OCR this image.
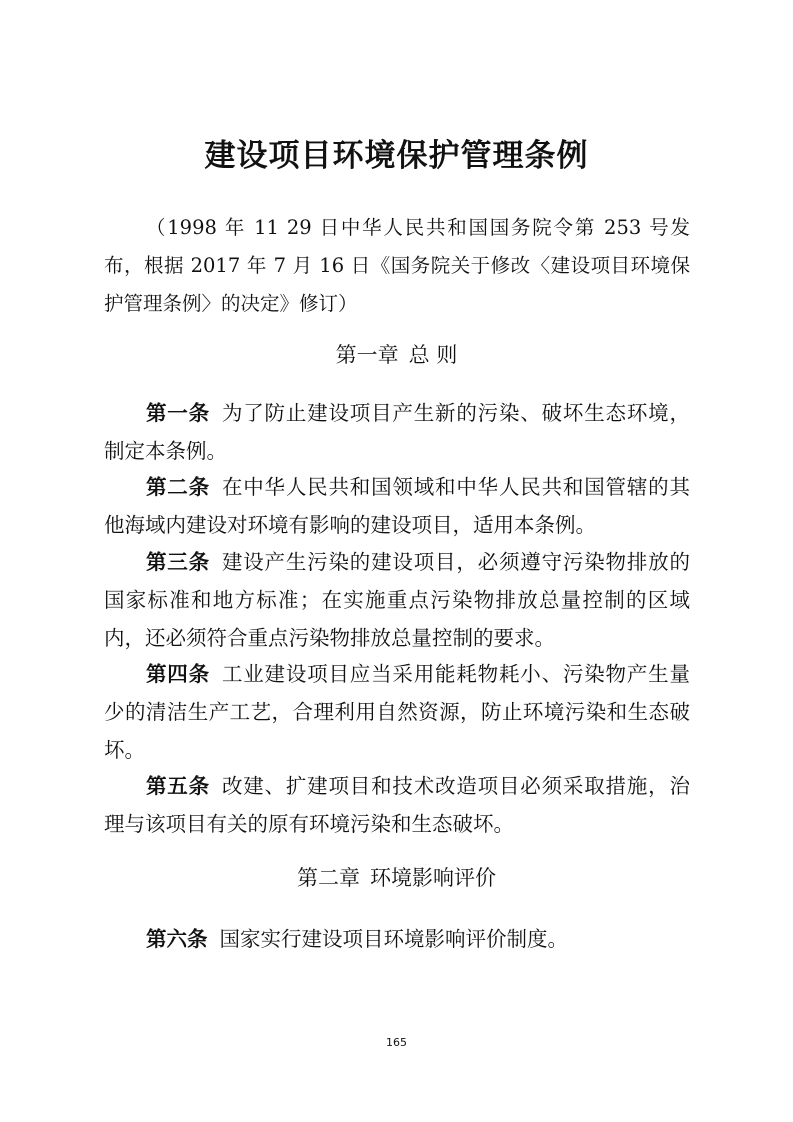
建设项目环境保护管理条例
（1998 年 11 29 日中华人民共和国国务院令第 253 号发布，根据 2017 年 7 月 16 日《国务院关于修改〈建设项目环境保护管理条例〉的决定》修订）
第一章 总 则

第一条 为了防止建设项目产生新的污染、破坏生态环境，制定本条例。

第二条 在中华人民共和国领域和中华人民共和国管辖的其他海域内建设对环境有影响的建设项目，适用本条例。

第三条 建设产生污染的建设项目，必须遵守污染物排放的国家标准和地方标准；在实施重点污染物排放总量控制的区域内，还必须符合重点污染物排放总量控制的要求。

第四条 工业建设项目应当采用能耗物耗小、污染物产生量少的清洁生产工艺，合理利用自然资源，防止环境污染和生态破坏。

第五条 改建、扩建项目和技术改造项目必须采取措施，治理与该项目有关的原有环境污染和生态破坏。

第二章 环境影响评价

第六条 国家实行建设项目环境影响评价制度。

165
